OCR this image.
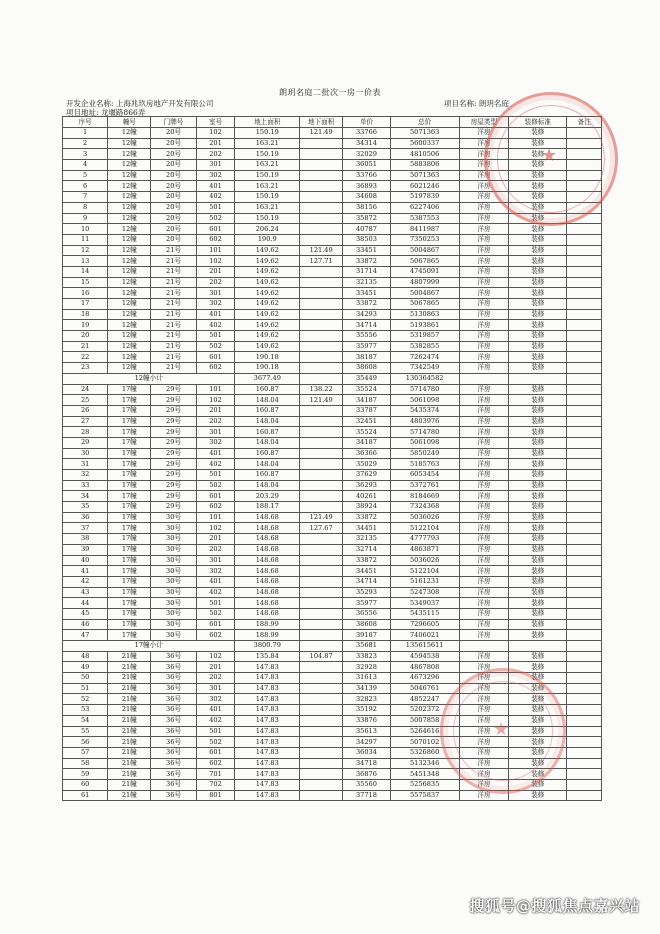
朗玥名庭二批次一房一价表
开发企业名称: 上海兆玖房地产开发有限公司	项目名称: 朗玥名庭
项目地址: 龙堰路866弄
序号	幢号	门牌号	室号	地上面积	地下面积	单价	总价	房屋类型	装修标准	备注
1	12幢	20号	102	150.19	121.49	33766	5071363	洋房	装修	
2	12幢	20号	201	163.21		34314	5600337	洋房	装修	
3	12幢	20号	202	150.19		32029	4810506	洋房	装修	
4	12幢	20号	301	163.21		36051	5883806	洋房	装修	
5	12幢	20号	302	150.19		33766	5071363	洋房	装修	
6	12幢	20号	401	163.21		36893	6021246	洋房	装修	
7	12幢	20号	402	150.19		34608	5197839	洋房	装修	
8	12幢	20号	501	163.21		38156	6227406	洋房	装修	
9	12幢	20号	502	150.19		35872	5387553	洋房	装修	
10	12幢	20号	601	206.24		40787	8411987	洋房	装修	
11	12幢	20号	602	190.9		38503	7350253	洋房	装修	
12	12幢	21号	101	149.62	121.49	33451	5004867	洋房	装修	
13	12幢	21号	102	149.62	127.71	33872	5067865	洋房	装修	
14	12幢	21号	201	149.62		31714	4745091	洋房	装修	
15	12幢	21号	202	149.62		32135	4807999	洋房	装修	
16	12幢	21号	301	149.62		33451	5004867	洋房	装修	
17	12幢	21号	302	149.62		33872	5067865	洋房	装修	
18	12幢	21号	401	149.62		34293	5130863	洋房	装修	
19	12幢	21号	402	149.62		34714	5193861	洋房	装修	
20	12幢	21号	501	149.62		35556	5319857	洋房	装修	
21	12幢	21号	502	149.62		35977	5382855	洋房	装修	
22	12幢	21号	601	190.18		38187	7262474	洋房	装修	
23	12幢	21号	602	190.18		38608	7342549	洋房	装修	
12幢小计				3677.49		35449	130364582			
24	17幢	29号	101	160.87	138.22	35524	5714780	洋房	装修	
25	17幢	29号	102	148.04	121.49	34187	5061098	洋房	装修	
26	17幢	29号	201	160.87		33787	5435374	洋房	装修	
27	17幢	29号	202	148.04		32451	4803976	洋房	装修	
28	17幢	29号	301	160.87		35524	5714780	洋房	装修	
29	17幢	29号	302	148.04		34187	5061098	洋房	装修	
30	17幢	29号	401	160.87		36366	5850249	洋房	装修	
31	17幢	29号	402	148.04		35029	5185763	洋房	装修	
32	17幢	29号	501	160.87		37629	6053454	洋房	装修	
33	17幢	29号	502	148.04		36293	5372761	洋房	装修	
34	17幢	29号	601	203.29		40261	8184669	洋房	装修	
35	17幢	29号	602	188.17		38924	7324368	洋房	装修	
36	17幢	30号	101	148.68	121.49	33872	5036026	洋房	装修	
37	17幢	30号	102	148.68	127.67	34451	5122104	洋房	装修	
38	17幢	30号	201	148.68		32135	4777793	洋房	装修	
39	17幢	30号	202	148.68		32714	4863871	洋房	装修	
40	17幢	30号	301	148.68		33872	5036026	洋房	装修	
41	17幢	30号	302	148.68		34451	5122104	洋房	装修	
42	17幢	30号	401	148.68		34714	5161231	洋房	装修	
43	17幢	30号	402	148.68		35293	5247308	洋房	装修	
44	17幢	30号	501	148.68		35977	5349037	洋房	装修	
45	17幢	30号	502	148.68		36556	5435115	洋房	装修	
46	17幢	30号	601	188.99		38608	7296605	洋房	装修	
47	17幢	30号	602	188.99		39187	7406021	洋房	装修	
17幢小计				3800.79		35681	135615611			
48	21幢	36号	102	135.84	104.87	33823	4594538	洋房	装修	
49	21幢	36号	201	147.83		32928	4867808	洋房	装修	
50	21幢	36号	202	147.83		31613	4673296	洋房	装修	
51	21幢	36号	301	147.83		34139	5046761	洋房	装修	
52	21幢	36号	302	147.83		32823	4852247	洋房	装修	
53	21幢	36号	401	147.83		35192	5202372	洋房	装修	
54	21幢	36号	402	147.83		33876	5007858	洋房	装修	
55	21幢	36号	501	147.83		35613	5264616	洋房	装修	
56	21幢	36号	502	147.83		34297	5070102	洋房	装修	
57	21幢	36号	601	147.83		36034	5326860	洋房	装修	
58	21幢	36号	602	147.83		34718	5132346	洋房	装修	
59	21幢	36号	701	147.83		36876	5451348	洋房	装修	
60	21幢	36号	702	147.83		35560	5256835	洋房	装修	
61	21幢	36号	801	147.83		37718	5575837	洋房	装修	
★
★
搜狐号@搜狐焦点嘉兴站
